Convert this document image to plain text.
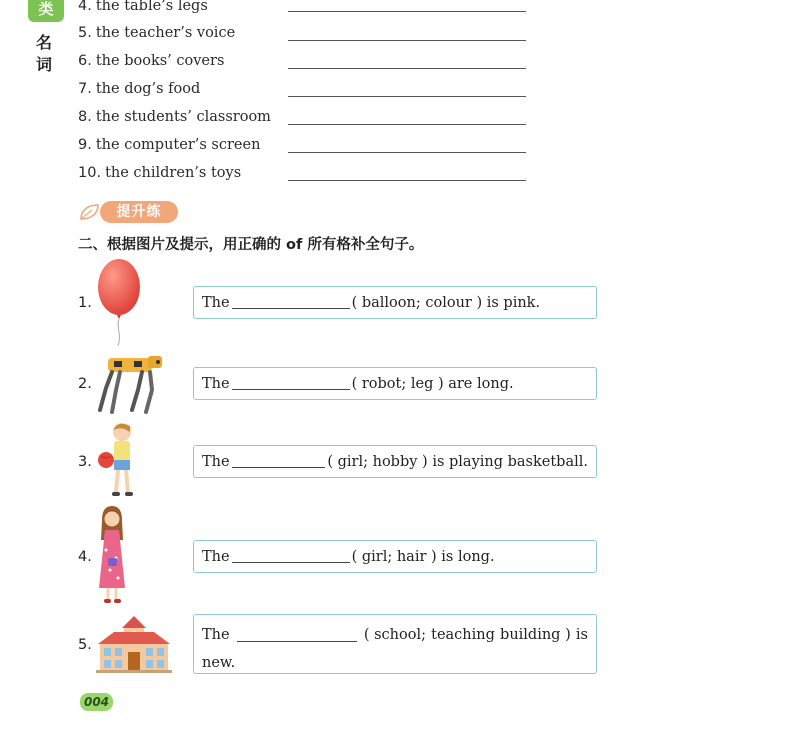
类
名
词
4. the table’s legs
5. the teacher’s voice
6. the books’ covers
7. the dog’s food
8. the students’ classroom
9. the computer’s screen
10. the children’s toys
提升练
二、根据图片及提示，用正确的 of 所有格补全句子。
1.	The	( balloon; colour )
is pink.
2.	The	( robot; leg )
are long.
3.	The	( girl; hobby )
is playing basketball.
4.	The	( girl; hair )
is long.
5.
The	( school; teaching building ) is
new.
004
